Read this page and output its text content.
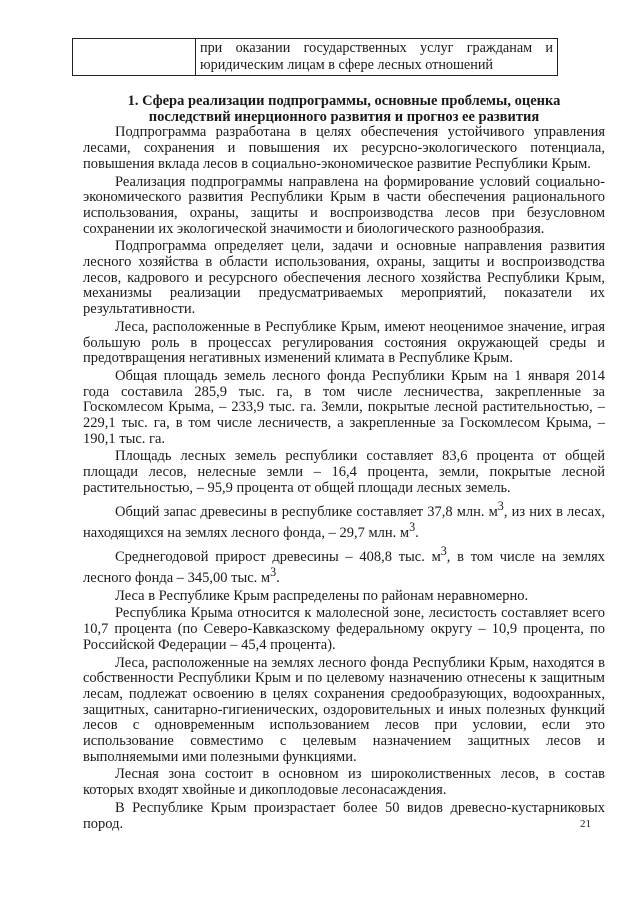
	при оказании государственных услуг гражданам и юридическим лицам в сфере лесных отношений

1. Сфера реализации подпрограммы, основные проблемы, оценка
последствий инерционного развития и прогноз ее развития

Подпрограмма разработана в целях обеспечения устойчивого управления лесами, сохранения и повышения их ресурсно-экологического потенциала, повышения вклада лесов в социально-экономическое развитие Республики Крым.

Реализация подпрограммы направлена на формирование условий социально-экономического развития Республики Крым в части обеспечения рационального использования, охраны, защиты и воспроизводства лесов при безусловном сохранении их экологической значимости и биологического разнообразия.

Подпрограмма определяет цели, задачи и основные направления развития лесного хозяйства в области использования, охраны, защиты и воспроизводства лесов, кадрового и ресурсного обеспечения лесного хозяйства Республики Крым, механизмы реализации предусматриваемых мероприятий, показатели их результативности.

Леса, расположенные в Республике Крым, имеют неоценимое значение, играя большую роль в процессах регулирования состояния окружающей среды и предотвращения негативных изменений климата в Республике Крым.

Общая площадь земель лесного фонда Республики Крым на 1 января 2014 года составила 285,9 тыс. га, в том числе лесничества, закрепленные за Госкомлесом Крыма, – 233,9 тыс. га. Земли, покрытые лесной растительностью, – 229,1 тыс. га, в том числе лесничеств, а закрепленные за Госкомлесом Крыма, – 190,1 тыс. га.

Площадь лесных земель республики составляет 83,6 процента от общей площади лесов, нелесные земли – 16,4 процента, земли, покрытые лесной растительностью, – 95,9 процента от общей площади лесных земель.

Общий запас древесины в республике составляет 37,8 млн. $м^3$, из них в лесах, находящихся на землях лесного фонда, – 29,7 млн. $м^3$.

Среднегодовой прирост древесины – 408,8 тыс. $м^3$, в том числе на землях лесного фонда – 345,00 тыс. $м^3$.

Леса в Республике Крым распределены по районам неравномерно.

Республика Крыма относится к малолесной зоне, лесистость составляет всего 10,7 процента (по Северо-Кавказскому федеральному округу – 10,9 процента, по Российской Федерации – 45,4 процента).

Леса, расположенные на землях лесного фонда Республики Крым, находятся в собственности Республики Крым и по целевому назначению отнесены к защитным лесам, подлежат освоению в целях сохранения средообразующих, водоохранных, защитных, санитарно-гигиенических, оздоровительных и иных полезных функций лесов с одновременным использованием лесов при условии, если это использование совместимо с целевым назначением защитных лесов и выполняемыми ими полезными функциями.

Лесная зона состоит в основном из широколиственных лесов, в состав которых входят хвойные и дикоплодовые лесонасаждения.

В Республике Крым произрастает более 50 видов древесно-кустарниковых пород.	21
